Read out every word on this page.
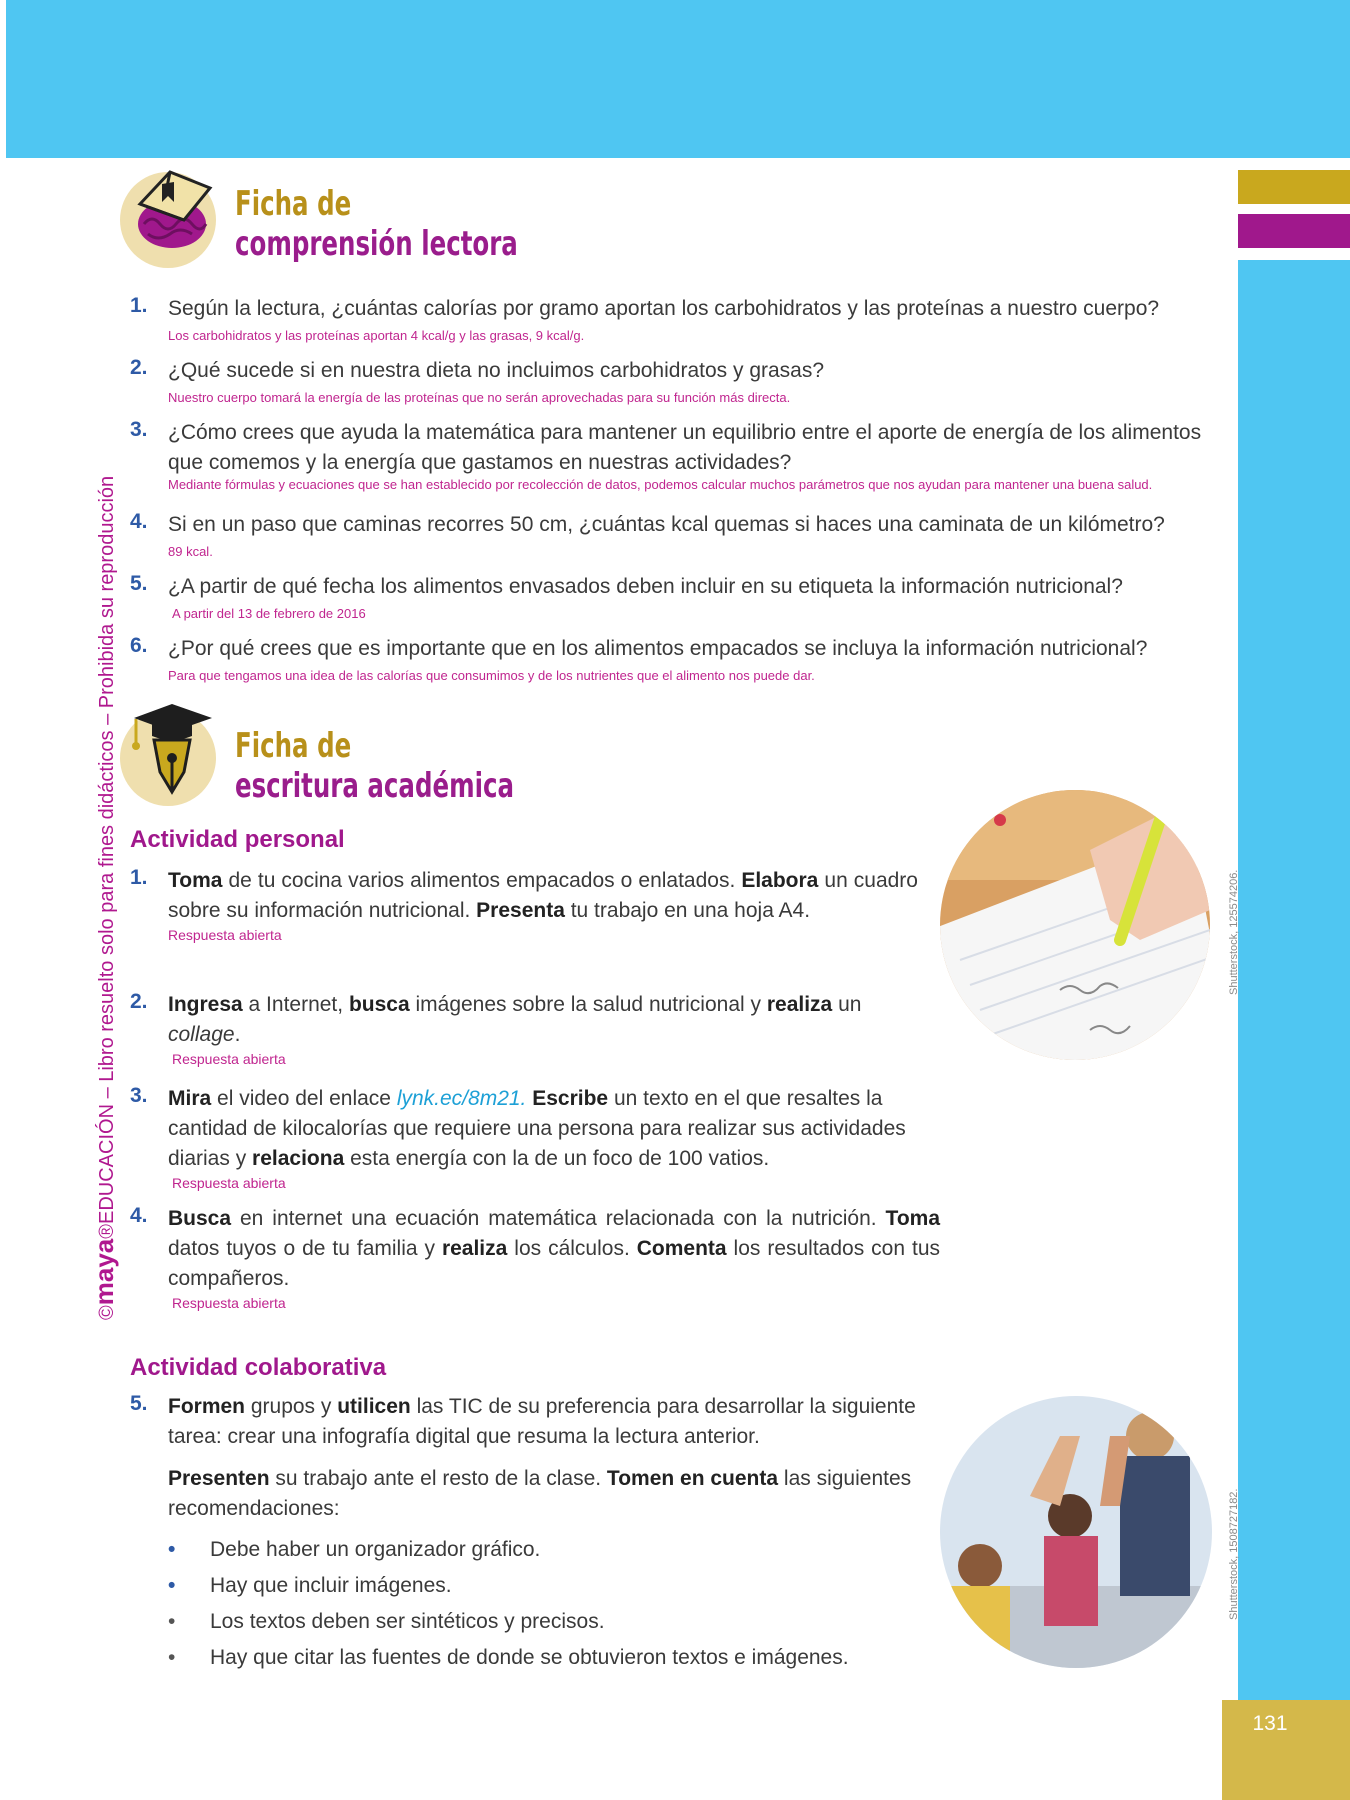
131
©maya®EDUCACIÓN – Libro resuelto solo para fines didácticos – Prohibida su reproducción
Ficha de
comprensión lectora
1. Según la lectura, ¿cuántas calorías por gramo aportan los carbohidratos y las proteínas a nuestro cuerpo?
Los carbohidratos y las proteínas aportan 4 kcal/g y las grasas, 9 kcal/g.
2. ¿Qué sucede si en nuestra dieta no incluimos carbohidratos y grasas?
Nuestro cuerpo tomará la energía de las proteínas que no serán aprovechadas para su función más directa.
3. ¿Cómo crees que ayuda la matemática para mantener un equilibrio entre el aporte de energía de los alimentos que comemos y la energía que gastamos en nuestras actividades?
Mediante fórmulas y ecuaciones que se han establecido por recolección de datos, podemos calcular muchos parámetros que nos ayudan para mantener una buena salud.
4. Si en un paso que caminas recorres 50 cm, ¿cuántas kcal quemas si haces una caminata de un kilómetro?
89 kcal.
5. ¿A partir de qué fecha los alimentos envasados deben incluir en su etiqueta la información nutricional?
A partir del 13 de febrero de 2016
6. ¿Por qué crees que es importante que en los alimentos empacados se incluya la información nutricional?
Para que tengamos una idea de las calorías que consumimos y de los nutrientes que el alimento nos puede dar.
Ficha de
escritura académica
Actividad personal
1. Toma de tu cocina varios alimentos empacados o enlatados. Elabora un cuadro sobre su información nutricional. Presenta tu trabajo en una hoja A4.
Respuesta abierta
2. Ingresa a Internet, busca imágenes sobre la salud nutricional y realiza un collage.
Respuesta abierta
3. Mira el video del enlace lynk.ec/8m21. Escribe un texto en el que resaltes la cantidad de kilocalorías que requiere una persona para realizar sus actividades diarias y relaciona esta energía con la de un foco de 100 vatios.
Respuesta abierta
4. Busca en internet una ecuación matemática relacionada con la nutrición. Toma datos tuyos o de tu familia y realiza los cálculos. Comenta los resultados con tus compañeros.
Respuesta abierta
Actividad colaborativa
5. Formen grupos y utilicen las TIC de su preferencia para desarrollar la siguiente tarea: crear una infografía digital que resuma la lectura anterior.
Presenten su trabajo ante el resto de la clase. Tomen en cuenta las siguientes recomendaciones:
• Debe haber un organizador gráfico.
• Hay que incluir imágenes.
• Los textos deben ser sintéticos y precisos.
• Hay que citar las fuentes de donde se obtuvieron textos e imágenes.
Shutterstock, 125574206.
Shutterstock, 1508727182.
